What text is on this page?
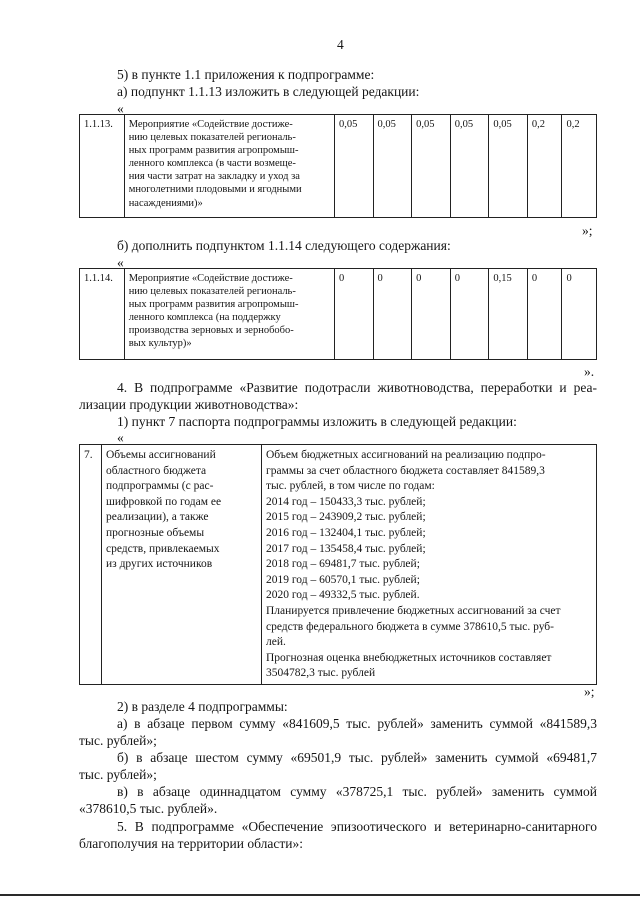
4
5) в пункте 1.1 приложения к подпрограмме:
а) подпункт 1.1.13 изложить в следующей редакции:
«
1.1.13.	Мероприятие «Содействие достиже-
нию целевых показателей региональ-
ных программ развития агропромыш-
ленного комплекса (в части возмеще-
ния части затрат на закладку и уход за
многолетними плодовыми и ягодными
насаждениями)»
	0,05	0,05	0,05	0,05	0,05	0,2	0,2
»;
б) дополнить подпунктом 1.1.14 следующего содержания:
«
1.1.14.	Мероприятие «Содействие достиже-
нию целевых показателей региональ-
ных программ развития агропромыш-
ленного комплекса (на поддержку
производства зерновых и зернобобо-
вых культур)»
	0	0	0	0	0,15	0	0
».
4. В подпрограмме «Развитие подотрасли животноводства, переработки и реа-
лизации продукции животноводства»:
1) пункт 7 паспорта подпрограммы изложить в следующей редакции:
«
7.	Объемы ассигнований
областного бюджета
подпрограммы (с рас-
шифровкой по годам ее
реализации), а также
прогнозные объемы
средств, привлекаемых
из других источников

Объем бюджетных ассигнований на реализацию подпро-
граммы за счет областного бюджета составляет 841589,3
тыс. рублей, в том числе по годам:
2014 год – 150433,3 тыс. рублей;
2015 год – 243909,2 тыс. рублей;
2016 год – 132404,1 тыс. рублей;
2017 год – 135458,4 тыс. рублей;
2018 год – 69481,7 тыс. рублей;
2019 год – 60570,1 тыс. рублей;
2020 год – 49332,5 тыс. рублей.
Планируется привлечение бюджетных ассигнований за счет
средств федерального бюджета в сумме 378610,5 тыс. руб-
лей.
Прогнозная оценка внебюджетных источников составляет
3504782,3 тыс. рублей
»;
2) в разделе 4 подпрограммы:
а) в абзаце первом сумму «841609,5 тыс. рублей» заменить суммой «841589,3
тыс. рублей»;
б) в абзаце шестом сумму «69501,9 тыс. рублей» заменить суммой «69481,7
тыс. рублей»;
в) в абзаце одиннадцатом сумму «378725,1 тыс. рублей» заменить суммой
«378610,5 тыс. рублей».
5. В подпрограмме «Обеспечение эпизоотического и ветеринарно-санитарного
благополучия на территории области»:
